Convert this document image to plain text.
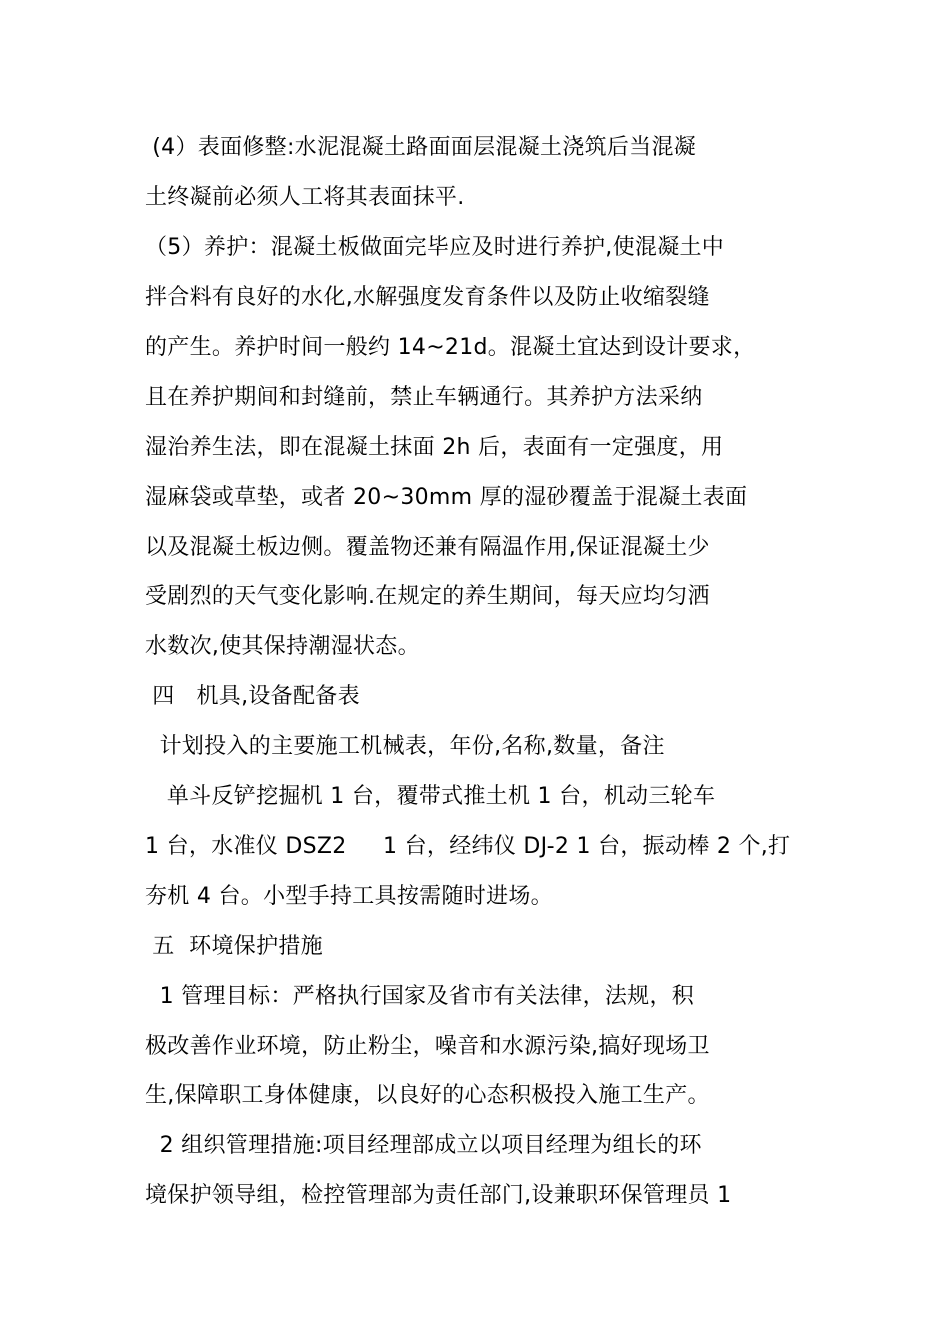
(4）表面修整:水泥混凝土路面面层混凝土浇筑后当混凝
土终凝前必须人工将其表面抹平.
（5）养护：混凝土板做面完毕应及时进行养护,使混凝土中
拌合料有良好的水化,水解强度发育条件以及防止收缩裂缝
的产生。养护时间一般约 14~21d。混凝土宜达到设计要求，
且在养护期间和封缝前，禁止车辆通行。其养护方法采纳
湿治养生法，即在混凝土抹面 2h 后，表面有一定强度，用
湿麻袋或草垫，或者 20~30mm 厚的湿砂覆盖于混凝土表面
以及混凝土板边侧。覆盖物还兼有隔温作用,保证混凝土少
受剧烈的天气变化影响.在规定的养生期间，每天应均匀洒
水数次,使其保持潮湿状态。
四   机具,设备配备表
计划投入的主要施工机械表，年份,名称,数量，备注
单斗反铲挖掘机 1 台，覆带式推土机 1 台，机动三轮车
1 台，水准仪 DSZ2     1 台，经纬仪 DJ-2 1 台，振动棒 2 个,打
夯机 4 台。小型手持工具按需随时进场。
五  环境保护措施
1 管理目标：严格执行国家及省市有关法律，法规，积
极改善作业环境，防止粉尘，噪音和水源污染,搞好现场卫
生,保障职工身体健康，以良好的心态积极投入施工生产。
2 组织管理措施:项目经理部成立以项目经理为组长的环
境保护领导组，检控管理部为责任部门,设兼职环保管理员 1
